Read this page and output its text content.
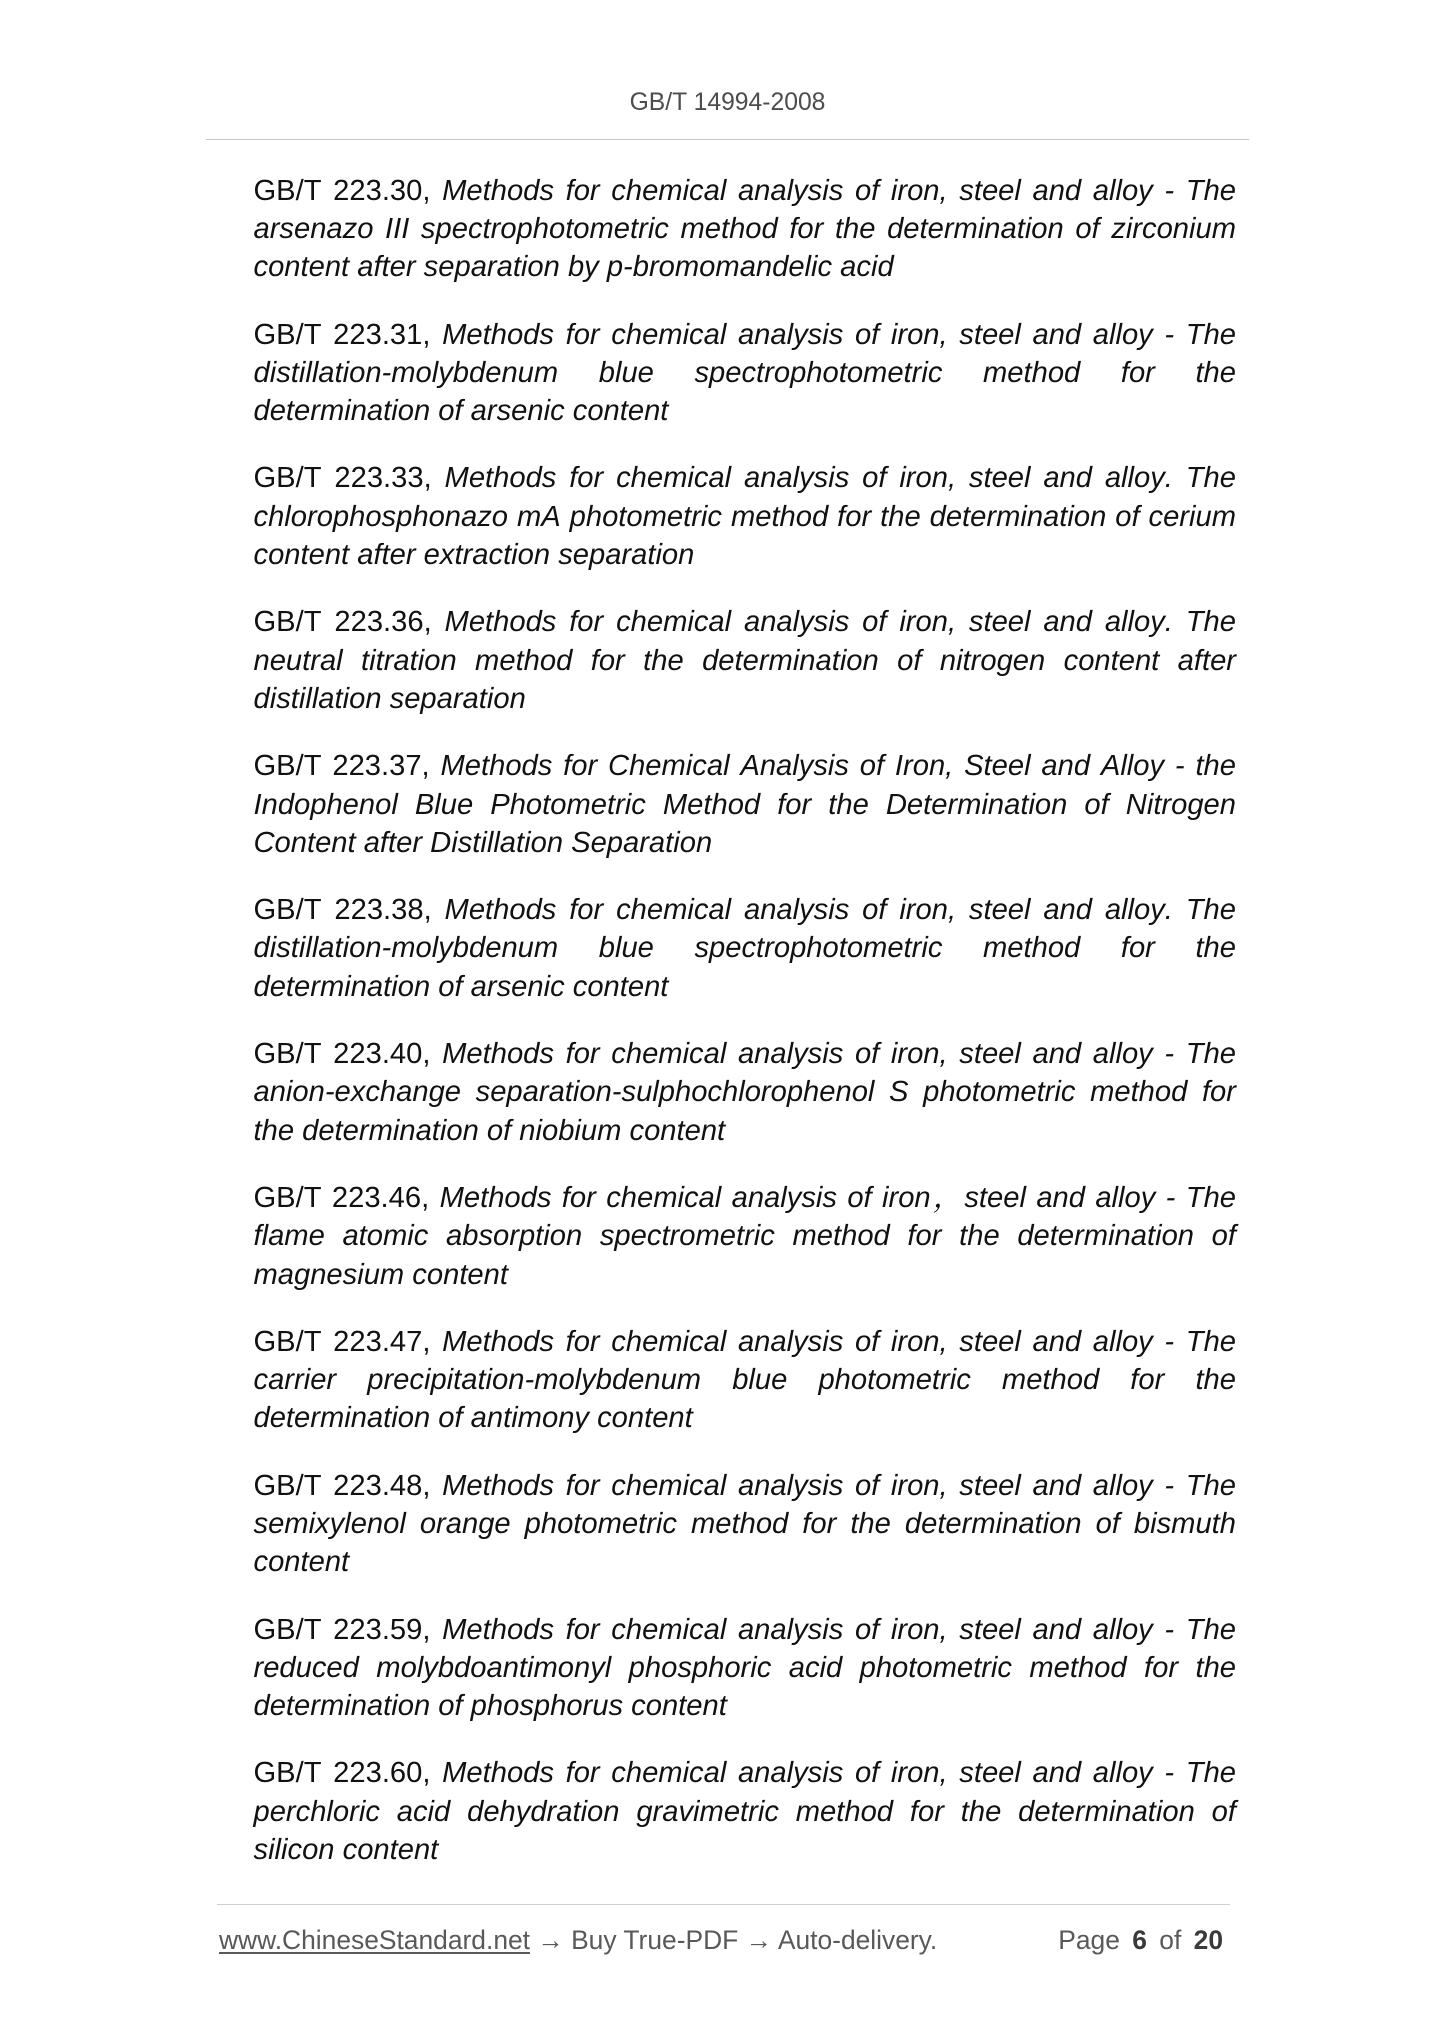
GB/T 14994-2008

GB/T 223.30, Methods for chemical analysis of iron, steel and alloy - The arsenazo III spectrophotometric method for the determination of zirconium content after separation by p-bromomandelic acid

GB/T 223.31, Methods for chemical analysis of iron, steel and alloy - The distillation-molybdenum blue spectrophotometric method for the determination of arsenic content

GB/T 223.33, Methods for chemical analysis of iron, steel and alloy. The chlorophosphonazo mA photometric method for the determination of cerium content after extraction separation

GB/T 223.36, Methods for chemical analysis of iron, steel and alloy. The neutral titration method for the determination of nitrogen content after distillation separation

GB/T 223.37, Methods for Chemical Analysis of Iron, Steel and Alloy - the Indophenol Blue Photometric Method for the Determination of Nitrogen Content after Distillation Separation

GB/T 223.38, Methods for chemical analysis of iron, steel and alloy. The distillation-molybdenum blue spectrophotometric method for the determination of arsenic content

GB/T 223.40, Methods for chemical analysis of iron, steel and alloy - The anion-exchange separation-sulphochlorophenol S photometric method for the determination of niobium content

GB/T 223.46, Methods for chemical analysis of iron，steel and alloy - The flame atomic absorption spectrometric method for the determination of magnesium content

GB/T 223.47, Methods for chemical analysis of iron, steel and alloy - The carrier precipitation-molybdenum blue photometric method for the determination of antimony content

GB/T 223.48, Methods for chemical analysis of iron, steel and alloy - The semixylenol orange photometric method for the determination of bismuth content

GB/T 223.59, Methods for chemical analysis of iron, steel and alloy - The reduced molybdoantimonyl phosphoric acid photometric method for the determination of phosphorus content

GB/T 223.60, Methods for chemical analysis of iron, steel and alloy - The perchloric acid dehydration gravimetric method for the determination of silicon content

www.ChineseStandard.net → Buy True-PDF → Auto-delivery.	Page 6 of 20
